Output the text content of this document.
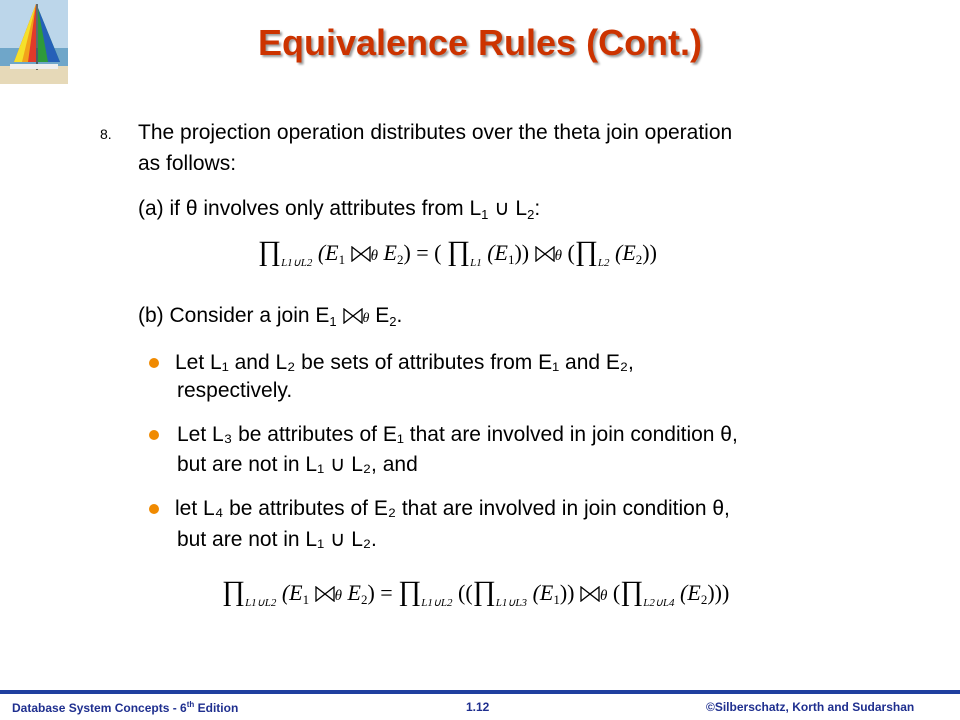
Equivalence Rules (Cont.)
8. The projection operation distributes over the theta join operation
as follows:
(a) if θ involves only attributes from $L_1$ ∪ $L_2$:
$\prod_{L1\cup L2}$ ($E_1$ θ $E_2$) = ( $\prod_{L1}$ $(E_1)$) θ ($\prod_{L2}$ $(E_2)$)
(b) Consider a join $E_1$ θ $E_2$.
Let L₁ and L₂ be sets of attributes from E₁ and E₂,
respectively.
Let L₃ be attributes of E₁ that are involved in join condition θ,
but are not in L₁ ∪ L₂, and
let L₄ be attributes of E₂ that are involved in join condition θ,
but are not in L₁ ∪ L₂.
$\prod_{L1\cup L2}$ ($E_1$ θ $E_2$) = $\prod_{L1\cup L2}$ (($\prod_{L1\cup L3}$ $(E_1)$) θ ($\prod_{L2\cup L4}$ $(E_2)$))
Database System Concepts - 6th Edition	1.12	©Silberschatz, Korth and Sudarshan
